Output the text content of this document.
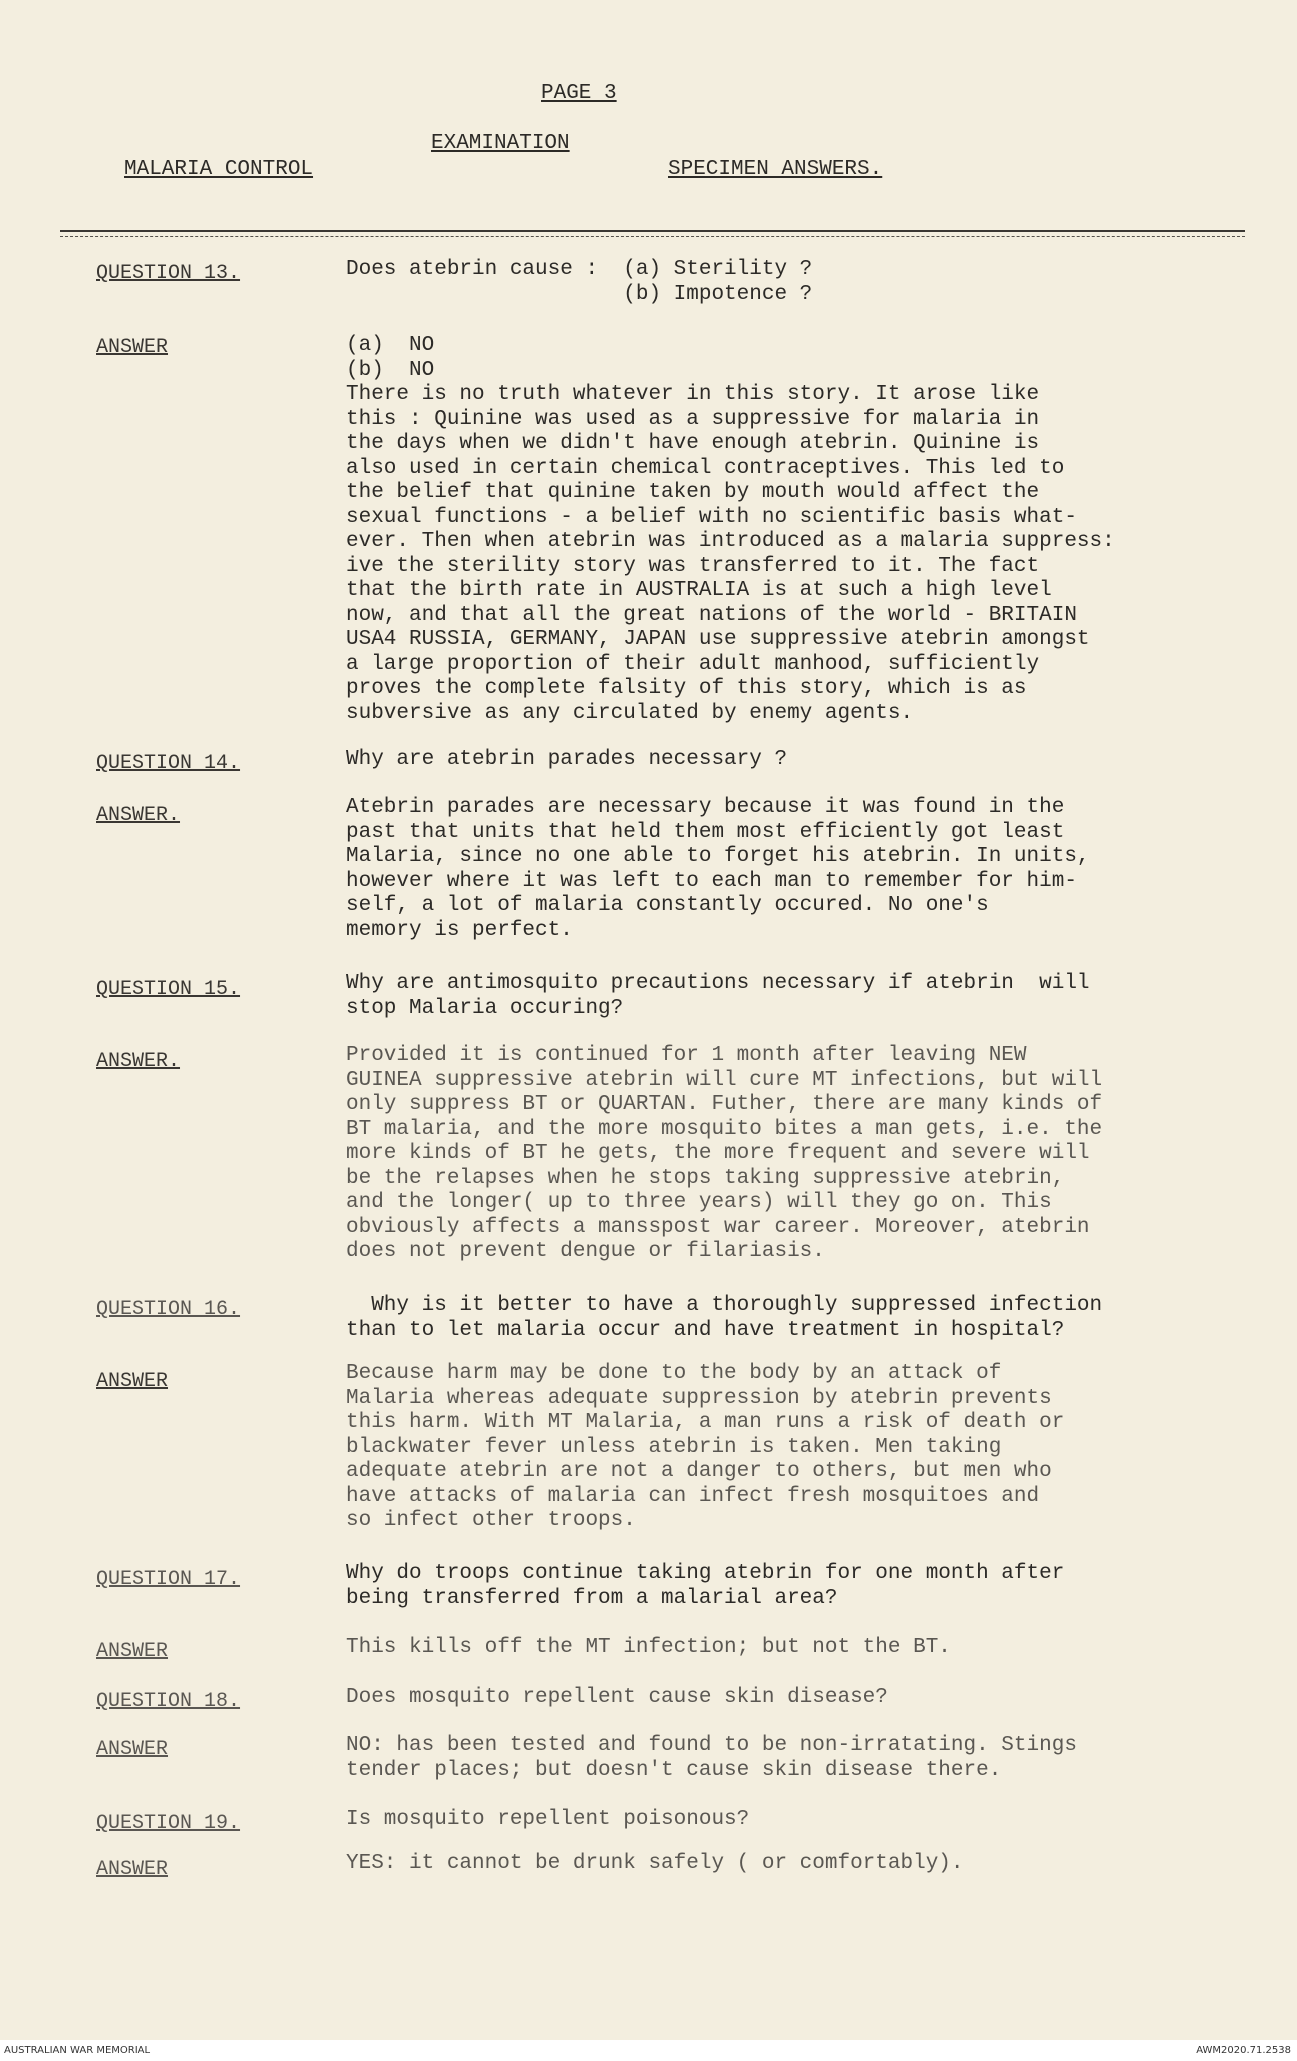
PAGE 3
EXAMINATION
MALARIA CONTROL	SPECIMEN ANSWERS.
QUESTION 13.	Does atebrin cause :  (a) Sterility ?
(b) Impotence ?
ANSWER	(a)  NO
(b)  NO
There is no truth whatever in this story. It arose like
this : Quinine was used as a suppressive for malaria in
the days when we didn't have enough atebrin. Quinine is
also used in certain chemical contraceptives. This led to
the belief that quinine taken by mouth would affect the
sexual functions - a belief with no scientific basis what-
ever. Then when atebrin was introduced as a malaria suppress:
ive the sterility story was transferred to it. The fact
that the birth rate in AUSTRALIA is at such a high level
now, and that all the great nations of the world - BRITAIN
USA4 RUSSIA, GERMANY, JAPAN use suppressive atebrin amongst
a large proportion of their adult manhood, sufficiently
proves the complete falsity of this story, which is as
subversive as any circulated by enemy agents.
QUESTION 14.	Why are atebrin parades necessary ?
ANSWER.	Atebrin parades are necessary because it was found in the
past that units that held them most efficiently got least
Malaria, since no one able to forget his atebrin. In units,
however where it was left to each man to remember for him-
self, a lot of malaria constantly occured. No one's
memory is perfect.
QUESTION 15.	Why are antimosquito precautions necessary if atebrin  will
stop Malaria occuring?
ANSWER.	Provided it is continued for 1 month after leaving NEW
GUINEA suppressive atebrin will cure MT infections, but will
only suppress BT or QUARTAN. Futher, there are many kinds of
BT malaria, and the more mosquito bites a man gets, i.e. the
more kinds of BT he gets, the more frequent and severe will
be the relapses when he stops taking suppressive atebrin,
and the longer( up to three years) will they go on. This
obviously affects a mansspost war career. Moreover, atebrin
does not prevent dengue or filariasis.
QUESTION 16.	Why is it better to have a thoroughly suppressed infection
than to let malaria occur and have treatment in hospital?
ANSWER	Because harm may be done to the body by an attack of
Malaria whereas adequate suppression by atebrin prevents
this harm. With MT Malaria, a man runs a risk of death or
blackwater fever unless atebrin is taken. Men taking
adequate atebrin are not a danger to others, but men who
have attacks of malaria can infect fresh mosquitoes and
so infect other troops.
QUESTION 17.	Why do troops continue taking atebrin for one month after
being transferred from a malarial area?
ANSWER	This kills off the MT infection; but not the BT.
QUESTION 18.	Does mosquito repellent cause skin disease?
ANSWER	NO: has been tested and found to be non-irratating. Stings
tender places; but doesn't cause skin disease there.
QUESTION 19.	Is mosquito repellent poisonous?
ANSWER	YES: it cannot be drunk safely ( or comfortably).
AUSTRALIAN WAR MEMORIAL	AWM2020.71.2538
